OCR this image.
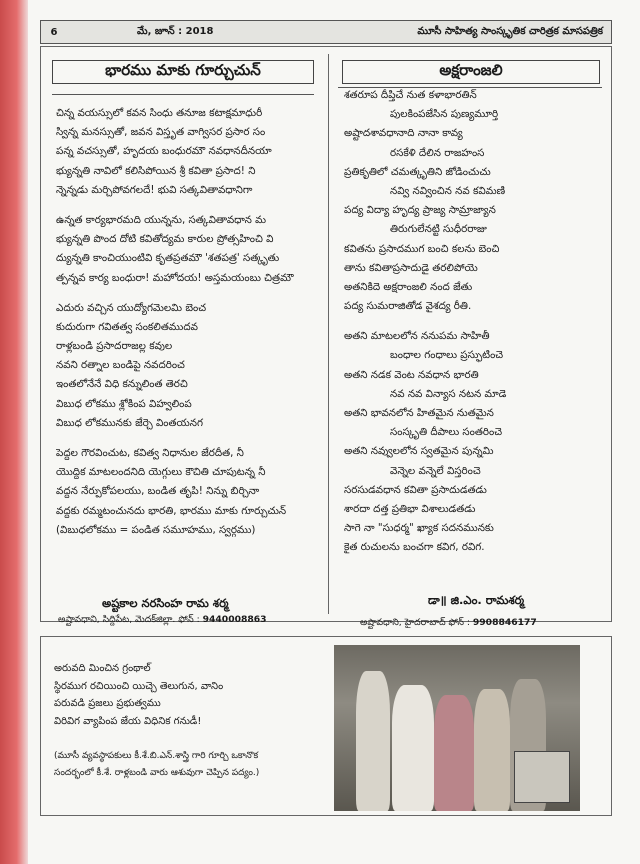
6	మే, జూన్ : 2018	మూసీ సాహిత్య సాంస్కృతిక చారిత్రక మాసపత్రిక
భారము మాకు గూర్చుచున్	అక్షరాంజలి
చిన్న వయస్సులో కవన సింధు తనూజ కటాక్షమాధురీ
స్విన్న మనస్సుతో, జవన విస్తృత వాగ్విసర ప్రసార సం
పన్న వచస్సుతో, హృదయ బంధురమౌ నవధానదీనయా
భ్యున్నతి నావిలో కలిసిపోయిన శ్రీ కవితా ప్రసాద! ని
న్నెన్నడు మర్చిపోవగలదే! భువి సత్కవితావధానిగా
ఉన్నత కార్యభారమది యున్నను, సత్కవితావధాన మ
భ్యున్నతి పొంద దోటి కవితోద్యమ కారుల ప్రోత్సహించి వి
ద్యున్నతి కాంచియుంటివి కృతప్రతమౌ 'శతపత్ర' సత్కృతు
త్పన్నవ కార్య బంధురా! మహోదయ! అస్తమయంబు చిత్రమౌ
ఎదురు వచ్చిన యుద్యోగమెలమి బెంచ
కుదురుగా గవితత్వ సంకలితముదవ
రాళ్లబండి ప్రసాదరాజల్ల కవుల
నవని రత్నాల బండిపై నవదరించ
ఇంతలోనేనే విధి కన్నులింత తెరచి
విబుధ లోకము శ్లోకింప విహ్వలింప
విబుధ లోకమునకు జేర్చె వింతయనగ
పెద్దల గౌరవించుట, కవిత్వ నిధానుల జేరదీత, నీ
యొద్దిక మాటలందనిది యెగ్గులు కౌచితి చూపుటన్న నీ
వద్దన నేర్పుకోపలయు, బండిత తృపి! నిన్ను బిర్చినా
వద్దకు రమ్మటంచునదు భారతి, భారము మాకు గూర్చుచున్
(విబుధలోకము = పండిత సమూహము, స్వర్గము)
శతరూప దీప్తిచే నుత కళాభారతిన్
పులకింపజేసిన పుణ్యమూర్తి
అష్టాదశావధానాది నానా కావ్య
రసకేళి దేలిన రాజహంస
ప్రతికృతిలో చమత్కృతిని జోడించుచు
నవ్వి నవ్వించిన నవ కవిమణి
పద్య విద్యా హృద్య ప్రాజ్య సామ్రాజ్యాన
తిరుగులేనట్టి సుధీరరాజు
కవితను ప్రసాదముగ బంచి కలను బెంచి
తాను కవితాప్రసాదుడై తరలిపోయె
అతనికిదె అక్షరాంజలి నంద జేతు
పద్య సుమరాజితోడ వైశద్య రీతి.
అతని మాటలలోన ననుపమ సాహితీ
బంధాల గంధాలు ప్రస్ఫుటించె
అతని నడక వెంట నవధాన భారతి
నవ నవ విన్యాస నటన మాడె
అతని భావనలోన హితమైన నుతమైన
సంస్కృతి దీపాలు సంతరించె
అతని నవ్వులలోన స్వతమైన పున్నమి
వెన్నెల వన్నెలే విస్తరించె
సరసుడవధాన కవితా ప్రసాదుడతడు
శారదా దత్త ప్రతిభా విశాలుడతడు
సాగె నా "సుధర్మ" ఖ్యాక సదనమునకు
కైత రుచులను బంచగా కవిగ, రవిగ.
అష్టకాల నరసింహ రామ శర్మ
అష్టావధాని, సిద్దిపేట, మెదక్‌జిల్లా. ఫోన్ : 9440008863
డా॥ జి.ఎం. రామశర్మ
అష్టావధాని, హైదరాబాద్ ఫోన్ : 9908846177
అరువది మించిన గ్రంథాల్
స్థిరముగ రచియించి యిచ్చె తెలుగున, వానిం
పరువడి ప్రజలు ప్రభుత్వము
విరివిగ వ్యాపింప జేయ విధినిక గనుడీ!
(మూసీ వ్యవస్థాపకులు కీ.శే.బి.ఎన్.శాస్త్రి గారి గూర్చి ఒకానొక
సందర్భంలో కీ.శే. రాళ్లబండి వారు ఆశువుగా చెప్పిన పద్యం.)
